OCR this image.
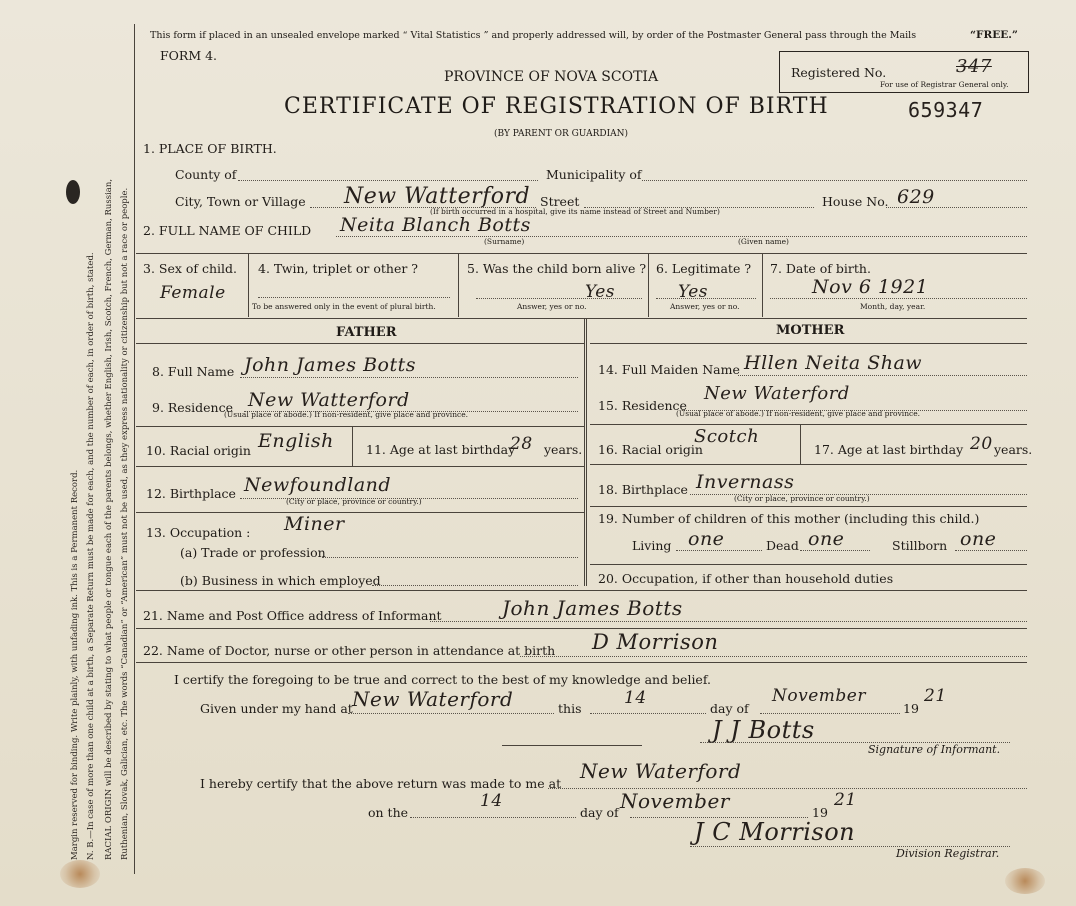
Margin reserved for binding. Write plainly, with unfading ink. This is a Permanent Record. N. B.—In case of more than one child at a birth, a Separate Return must be made for each, and the number of each, in order of birth, stated. RACIAL ORIGIN will be described by stating to what people or tongue each of the parents belongs, whether English, Irish, Scotch, French, German, Russian, Ruthenian, Slovak, Galician, etc. The words “Canadian” or “American” must not be used, as they express nationality or citizenship but not a race or people.
This form if placed in an unsealed envelope marked “ Vital Statistics ” and properly addressed will, by order of the Postmaster General pass through the Mails	“FREE.”
FORM 4.
PROVINCE OF NOVA SCOTIA
CERTIFICATE OF REGISTRATION OF BIRTH
(BY PARENT OR GUARDIAN)
659347
Registered No.	347
For use of Registrar General only.
1. PLACE OF BIRTH.
County of	Municipality of
City, Town or Village New Watterford Street	House No. 629
(If birth occurred in a hospital, give its name instead of Street and Number)
2. FULL NAME OF CHILD Neita Blanch Botts
(Surname)	(Given name)
3. Sex of child.
Female
4. Twin, triplet or other ?
To be answered only in the event of plural birth.
5. Was the child born alive ?
Yes
Answer, yes or no.
6. Legitimate ?
Yes
Answer, yes or no.
7. Date of birth.
Nov 6 1921
Month, day, year.
FATHER	MOTHER
8. Full Name John James Botts
9. Residence New Watterford
(Usual place of abode.) If non-resident, give place and province.
10. Racial origin English	11. Age at last birthday
28 years.
12. Birthplace Newfoundland
(City or place, province or country.)
13. Occupation : Miner
(a) Trade or profession
(b) Business in which employed
14. Full Maiden Name Hllen Neita Shaw
15. Residence
New Waterford
(Usual place of abode.) If non-resident, give place and province.
16. Racial origin
Scotch
17. Age at last birthday 20 years.
18. Birthplace Invernass
(City or place, province or country.)
19. Number of children of this mother (including this child.)
Living one	Dead one	Stillborn one
20. Occupation, if other than household duties
21. Name and Post Office address of Informant	John James Botts
22. Name of Doctor, nurse or other person in attendance at birth D Morrison
I certify the foregoing to be true and correct to the best of my knowledge and belief.
Given under my hand at New Waterford	this
14
day of
November
19
21
J J Botts
Signature of Informant.
I hereby certify that the above return was made to me at
New Waterford
on the
14
day of November	19
21
J C Morrison
Division Registrar.
